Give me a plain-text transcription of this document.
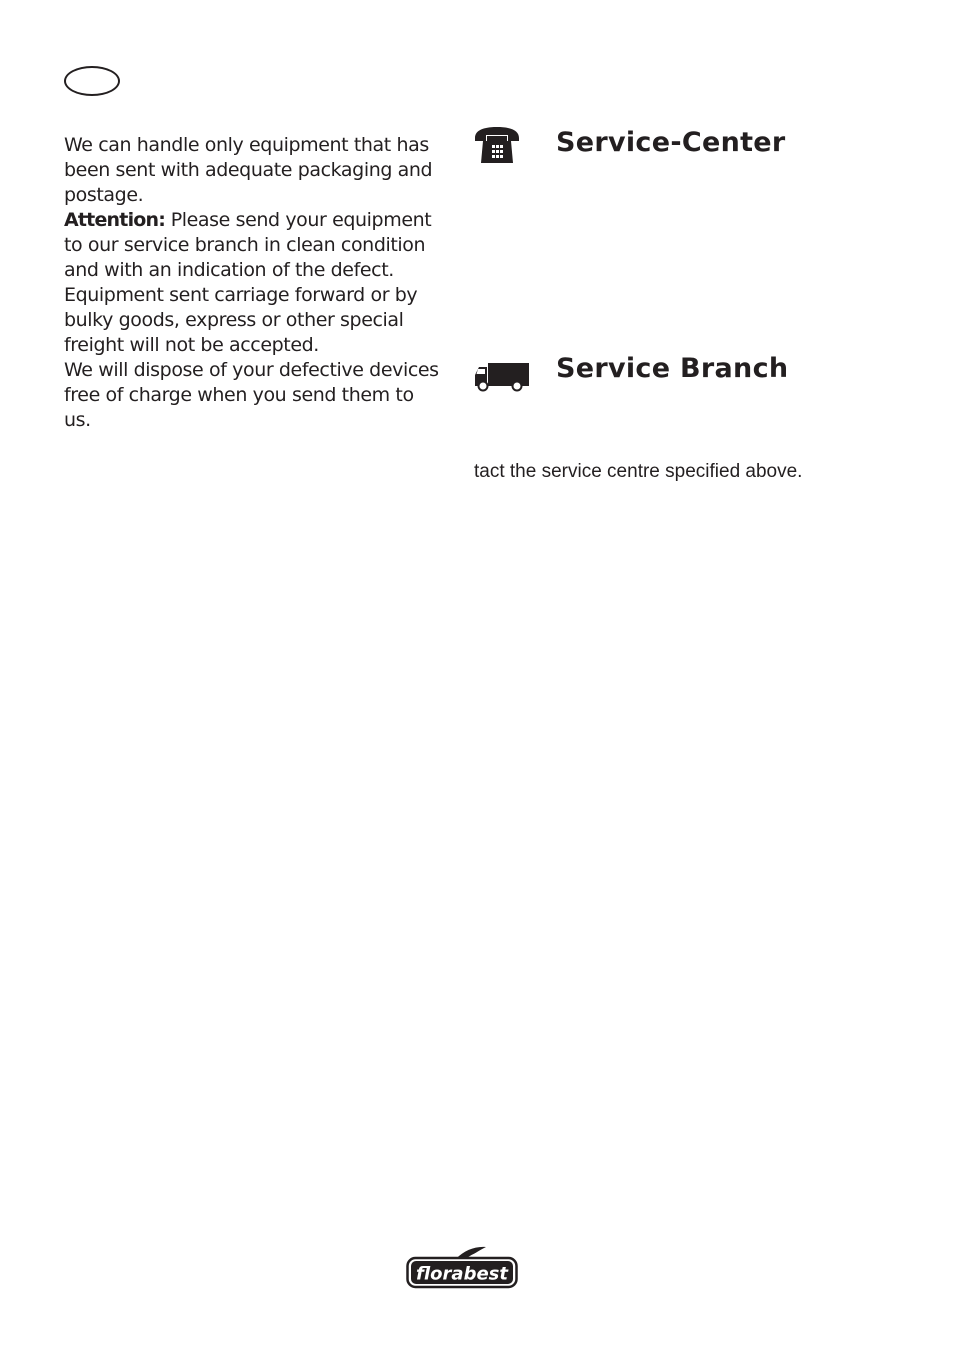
We can handle only equipment that has been sent with adequate packaging and postage.

Attention: Please send your equipment to our service branch in clean condition and with an indication of the defect.

Equipment sent carriage forward or by bulky goods, express or other special freight will not be accepted.

We will dispose of your defective devices free of charge when you send them to us.

Service-Center
Service Branch

tact the service centre specified above.

florabest
